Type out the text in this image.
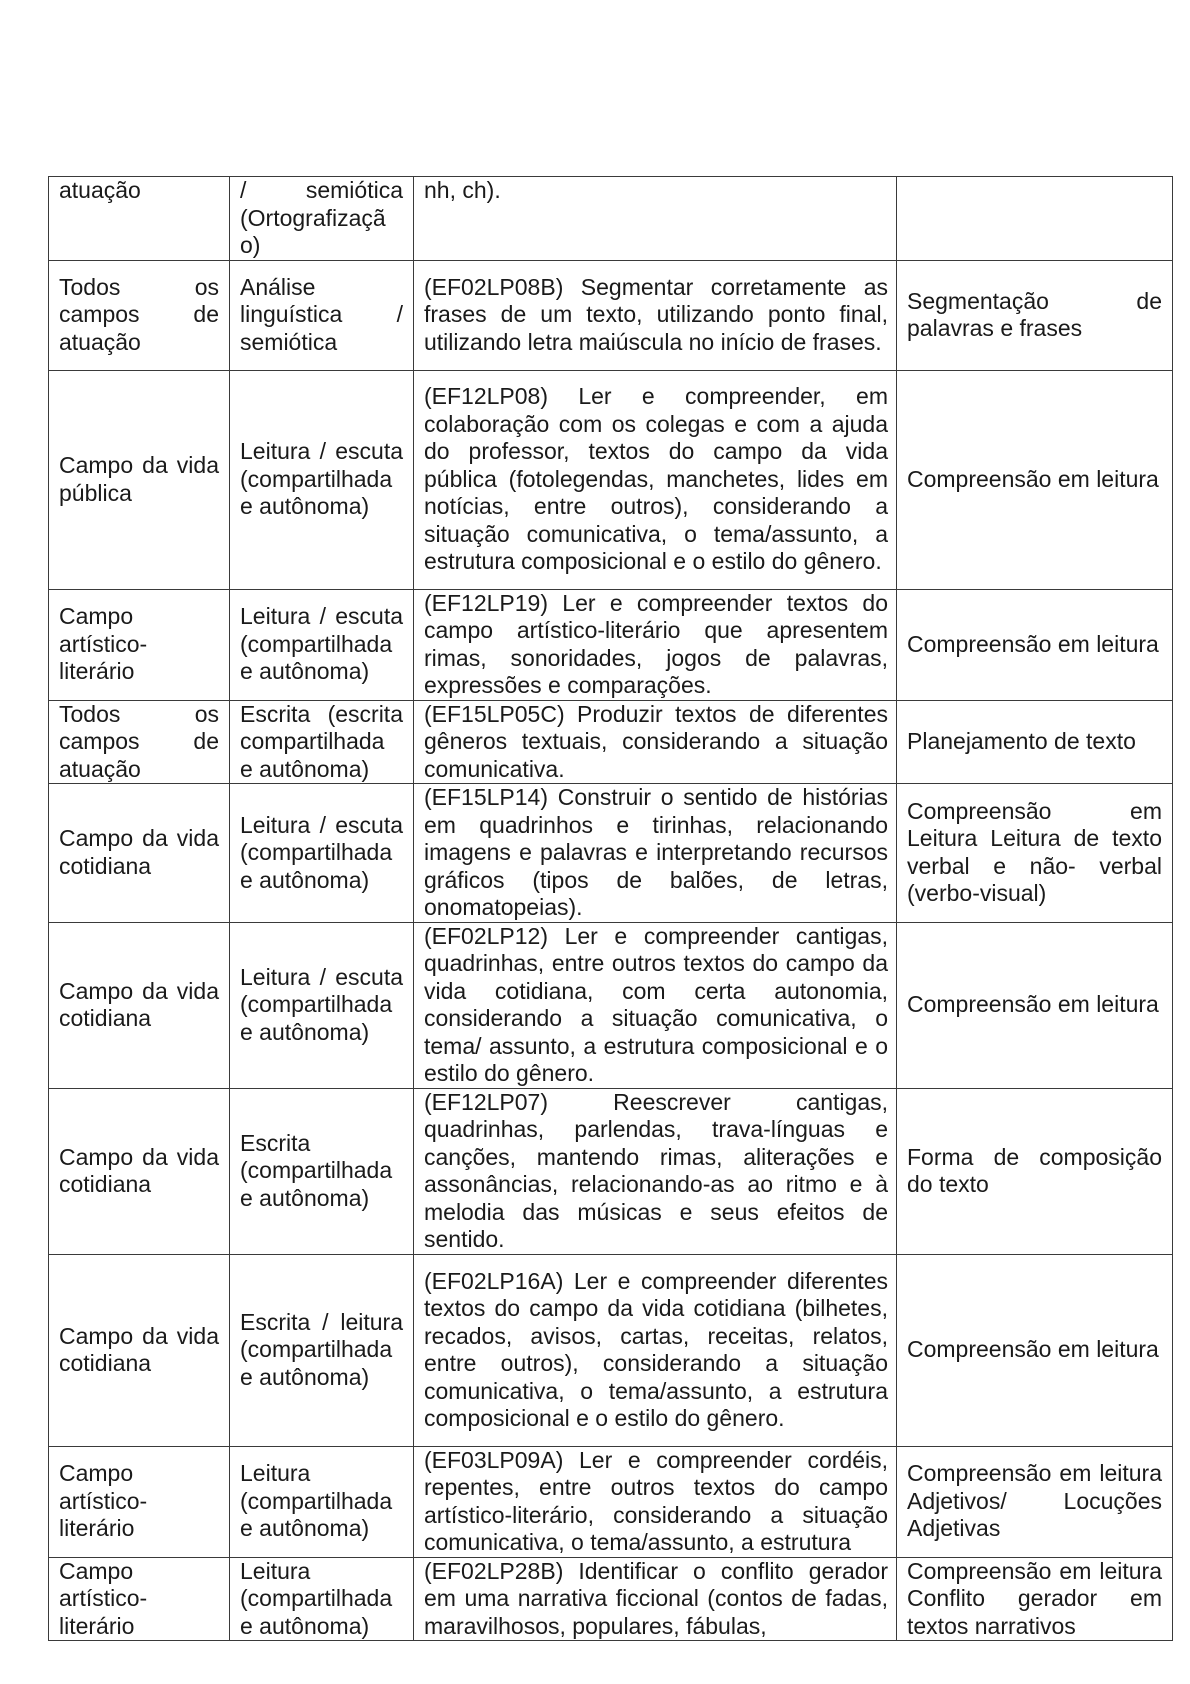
atuação	/ semiótica (Ortografizaçã o)	nh, ch).	
Todos os campos de atuação	Análise linguística / semiótica	(EF02LP08B) Segmentar corretamente as frases de um texto, utilizando ponto final, utilizando letra maiúscula no início de frases.	Segmentação de palavras e frases
Campo da vida pública	Leitura / escuta (compartilhada e autônoma)	(EF12LP08) Ler e compreender, em colaboração com os colegas e com a ajuda do professor, textos do campo da vida pública (fotolegendas, manchetes, lides em notícias, entre outros), considerando a situação comunicativa, o tema/assunto, a estrutura composicional e o estilo do gênero.	Compreensão em leitura
Campo artístico-literário	Leitura / escuta (compartilhada e autônoma)	(EF12LP19) Ler e compreender textos do campo artístico-literário que apresentem rimas, sonoridades, jogos de palavras, expressões e comparações.	Compreensão em leitura
Todos os campos de atuação	Escrita (escrita compartilhada e autônoma)	(EF15LP05C) Produzir textos de diferentes gêneros textuais, considerando a situação comunicativa.	Planejamento de texto
Campo da vida cotidiana	Leitura / escuta (compartilhada e autônoma)	(EF15LP14) Construir o sentido de histórias em quadrinhos e tirinhas, relacionando imagens e palavras e interpretando recursos gráficos (tipos de balões, de letras, onomatopeias).	Compreensão em Leitura Leitura de texto verbal e não- verbal (verbo-visual)
Campo da vida cotidiana	Leitura / escuta (compartilhada e autônoma)	(EF02LP12) Ler e compreender cantigas, quadrinhas, entre outros textos do campo da vida cotidiana, com certa autonomia, considerando a situação comunicativa, o tema/ assunto, a estrutura composicional e o estilo do gênero.	Compreensão em leitura
Campo da vida cotidiana	Escrita (compartilhada e autônoma)	(EF12LP07) Reescrever cantigas, quadrinhas, parlendas, trava-línguas e canções, mantendo rimas, aliterações e assonâncias, relacionando-as ao ritmo e à melodia das músicas e seus efeitos de sentido.	Forma de composição do texto
Campo da vida cotidiana	Escrita / leitura (compartilhada e autônoma)	(EF02LP16A) Ler e compreender diferentes textos do campo da vida cotidiana (bilhetes, recados, avisos, cartas, receitas, relatos, entre outros), considerando a situação comunicativa, o tema/assunto, a estrutura composicional e o estilo do gênero.	Compreensão em leitura
Campo artístico-literário	Leitura (compartilhada e autônoma)	(EF03LP09A) Ler e compreender cordéis, repentes, entre outros textos do campo artístico-literário, considerando a situação comunicativa, o tema/assunto, a estrutura	Compreensão em leitura Adjetivos/ Locuções Adjetivas
Campo artístico-literário	Leitura (compartilhada e autônoma)	(EF02LP28B) Identificar o conflito gerador em uma narrativa ficcional (contos de fadas, maravilhosos, populares, fábulas,	Compreensão em leitura Conflito gerador em textos narrativos
